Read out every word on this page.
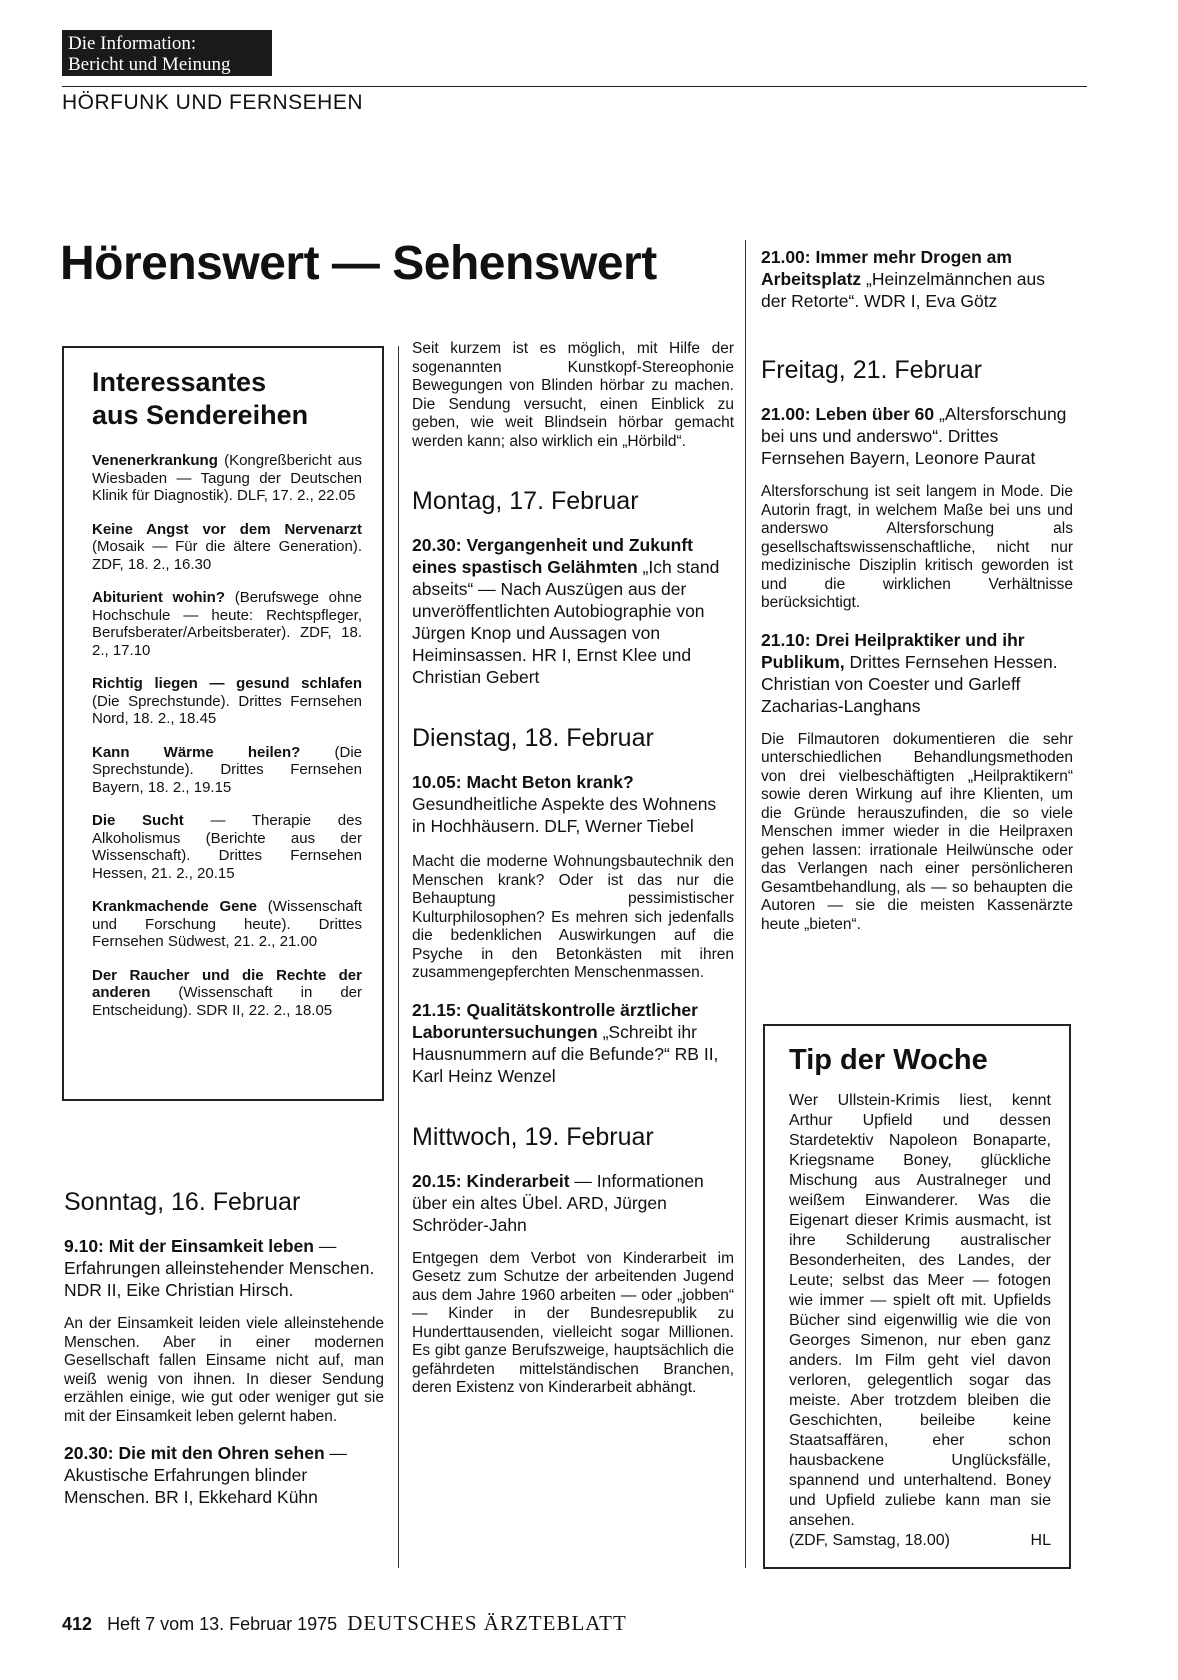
Die Information:
Bericht und Meinung
HÖRFUNK UND FERNSEHEN
Hörenswert — Sehenswert
Interessantes
aus Sendereihen

Venenerkrankung (Kongreßbericht aus Wiesbaden — Tagung der Deutschen Klinik für Diagnostik). DLF, 17. 2., 22.05

Keine Angst vor dem Nervenarzt (Mosaik — Für die ältere Generation). ZDF, 18. 2., 16.30

Abiturient wohin? (Berufswege ohne Hochschule — heute: Rechtspfleger, Berufsberater/Arbeitsberater). ZDF, 18. 2., 17.10

Richtig liegen — gesund schlafen (Die Sprechstunde). Drittes Fernsehen Nord, 18. 2., 18.45

Kann Wärme heilen? (Die Sprechstunde). Drittes Fernsehen Bayern, 18. 2., 19.15

Die Sucht — Therapie des Alkoholismus (Berichte aus der Wissenschaft). Drittes Fernsehen Hessen, 21. 2., 20.15

Krankmachende Gene (Wissenschaft und Forschung heute). Drittes Fernsehen Südwest, 21. 2., 21.00

Der Raucher und die Rechte der anderen (Wissenschaft in der Entscheidung). SDR II, 22. 2., 18.05

Sonntag, 16. Februar

9.10: Mit der Einsamkeit leben — Erfahrungen alleinstehender Menschen. NDR II, Eike Christian Hirsch.

An der Einsamkeit leiden viele alleinstehende Menschen. Aber in einer modernen Gesellschaft fallen Einsame nicht auf, man weiß wenig von ihnen. In dieser Sendung erzählen einige, wie gut oder weniger gut sie mit der Einsamkeit leben gelernt haben.

20.30: Die mit den Ohren sehen — Akustische Erfahrungen blinder Menschen. BR I, Ekkehard Kühn

Seit kurzem ist es möglich, mit Hilfe der sogenannten Kunstkopf-Stereophonie Bewegungen von Blinden hörbar zu machen. Die Sendung versucht, einen Einblick zu geben, wie weit Blindsein hörbar gemacht werden kann; also wirklich ein „Hörbild“.

Montag, 17. Februar

20.30: Vergangenheit und Zukunft eines spastisch Gelähmten „Ich stand abseits“ — Nach Auszügen aus der unveröffentlichten Autobiographie von Jürgen Knop und Aussagen von Heiminsassen. HR I, Ernst Klee und Christian Gebert

Dienstag, 18. Februar

10.05: Macht Beton krank? Gesundheitliche Aspekte des Wohnens in Hochhäusern. DLF, Werner Tiebel

Macht die moderne Wohnungsbautechnik den Menschen krank? Oder ist das nur die Behauptung pessimistischer Kulturphilosophen? Es mehren sich jedenfalls die bedenklichen Auswirkungen auf die Psyche in den Betonkästen mit ihren zusammengepferchten Menschenmassen.

21.15: Qualitätskontrolle ärztlicher Laboruntersuchungen „Schreibt ihr Hausnummern auf die Befunde?“ RB II, Karl Heinz Wenzel

Mittwoch, 19. Februar

20.15: Kinderarbeit — Informationen über ein altes Übel. ARD, Jürgen Schröder-Jahn

Entgegen dem Verbot von Kinderarbeit im Gesetz zum Schutze der arbeitenden Jugend aus dem Jahre 1960 arbeiten — oder „jobben“ — Kinder in der Bundesrepublik zu Hunderttausenden, vielleicht sogar Millionen. Es gibt ganze Berufszweige, hauptsächlich die gefährdeten mittelständischen Branchen, deren Existenz von Kinderarbeit abhängt.

21.00: Immer mehr Drogen am Arbeitsplatz „Heinzelmännchen aus der Retorte“. WDR I, Eva Götz

Freitag, 21. Februar

21.00: Leben über 60 „Altersforschung bei uns und anderswo“. Drittes Fernsehen Bayern, Leonore Paurat

Altersforschung ist seit langem in Mode. Die Autorin fragt, in welchem Maße bei uns und anderswo Altersforschung als gesellschaftswissenschaftliche, nicht nur medizinische Disziplin kritisch geworden ist und die wirklichen Verhältnisse berücksichtigt.

21.10: Drei Heilpraktiker und ihr Publikum, Drittes Fernsehen Hessen. Christian von Coester und Garleff Zacharias-Langhans

Die Filmautoren dokumentieren die sehr unterschiedlichen Behandlungsmethoden von drei vielbeschäftigten „Heilpraktikern“ sowie deren Wirkung auf ihre Klienten, um die Gründe herauszufinden, die so viele Menschen immer wieder in die Heilpraxen gehen lassen: irrationale Heilwünsche oder das Verlangen nach einer persönlicheren Gesamtbehandlung, als — so behaupten die Autoren — sie die meisten Kassenärzte heute „bieten“.

Tip der Woche

Wer Ullstein-Krimis liest, kennt Arthur Upfield und dessen Stardetektiv Napoleon Bonaparte, Kriegsname Boney, glückliche Mischung aus Australneger und weißem Einwanderer. Was die Eigenart dieser Krimis ausmacht, ist ihre Schilderung australischer Besonderheiten, des Landes, der Leute; selbst das Meer — fotogen wie immer — spielt oft mit. Upfields Bücher sind eigenwillig wie die von Georges Simenon, nur eben ganz anders. Im Film geht viel davon verloren, gelegentlich sogar das meiste. Aber trotzdem bleiben die Geschichten, beileibe keine Staatsaffären, eher schon hausbackene Unglücksfälle, spannend und unterhaltend. Boney und Upfield zuliebe kann man sie ansehen.

(ZDF, Samstag, 18.00)	HL
412 Heft 7 vom 13. Februar 1975 DEUTSCHES ÄRZTEBLATT
